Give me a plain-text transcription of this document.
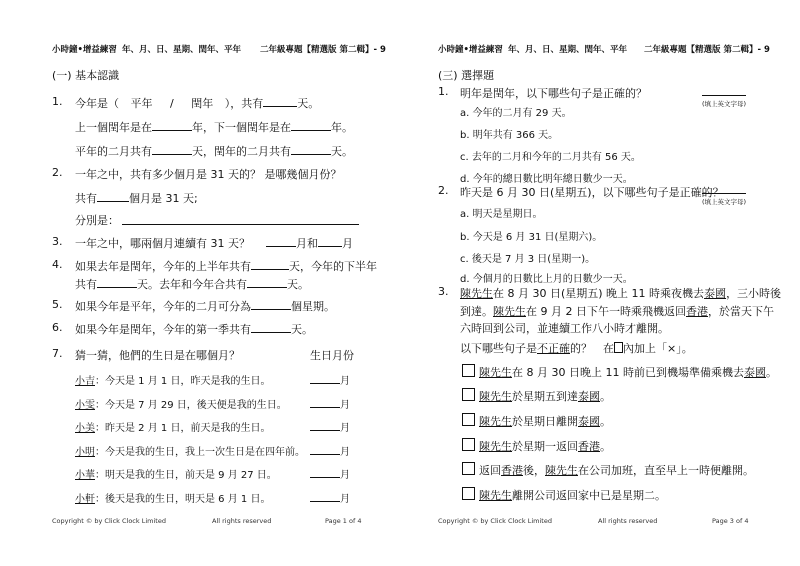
小時鐘•增益練習 年、月、日、星期、閏年、平年 二年級專題【精選版 第二輯】- 9
(一) 基本認識
1. 今年是（ 平年 / 閏年 ），共有	天。
上一個閏年是在	年，下一個閏年是在	年。
平年的二月共有	天，閏年的二月共有	天。
2. 一年之中，共有多少個月是 31 天的？ 是哪幾個月份？
共有	個月是 31 天;
分別是：
3. 一年之中，哪兩個月連續有 31 天？	月和 月
4. 如果去年是閏年，今年的上半年共有	天，今年的下半年
共有	天。去年和今年合共有	天。
5. 如果今年是平年，今年的二月可分為	個星期。
6. 如果今年是閏年，今年的第一季共有	天。
7. 猜一猜，他們的生日是在哪個月？	生日月份
小吉：今天是 1 月 1 日，昨天是我的生日。	月
小雯：今天是 7 月 29 日，後天便是我的生日。	月
小美：昨天是 2 月 1 日，前天是我的生日。	月
小明：今天是我的生日，我上一次生日是在四年前。	月
小華：明天是我的生日，前天是 9 月 27 日。	月
小軒：後天是我的生日，明天是 6 月 1 日。	月
Copyright © by Click Clock Limited	All rights reserved	Page 1 of 4
小時鐘•增益練習 年、月、日、星期、閏年、平年 二年級專題【精選版 第二輯】- 9
(三) 選擇題
1. 明年是閏年，以下哪些句子是正確的？
(填上英文字母)
a. 今年的二月有 29 天。
b. 明年共有 366 天。
c. 去年的二月和今年的二月共有 56 天。
d. 今年的總日數比明年總日數少一天。
2. 昨天是 6 月 30 日(星期五)，以下哪些句子是正確的？
(填上英文字母)
a. 明天是星期日。
b. 今天是 6 月 31 日(星期六)。
c. 後天是 7 月 3 日(星期一)。
d. 今個月的日數比上月的日數少一天。
3. 陳先生在 8 月 30 日(星期五) 晚上 11 時乘夜機去泰國，三小時後
到達。陳先生在 9 月 2 日下午一時乘飛機返回香港，於當天下午
六時回到公司，並連續工作八小時才離開。
以下哪些句子是不正確的？　在 內加上「×」。
陳先生在 8 月 30 日晚上 11 時前已到機場準備乘機去泰國。
陳先生於星期五到達泰國。
陳先生於星期日離開泰國。
陳先生於星期一返回香港。
返回香港後，陳先生在公司加班，直至早上一時便離開。
陳先生離開公司返回家中已是星期二。
Copyright © by Click Clock Limited	All rights reserved	Page 3 of 4
